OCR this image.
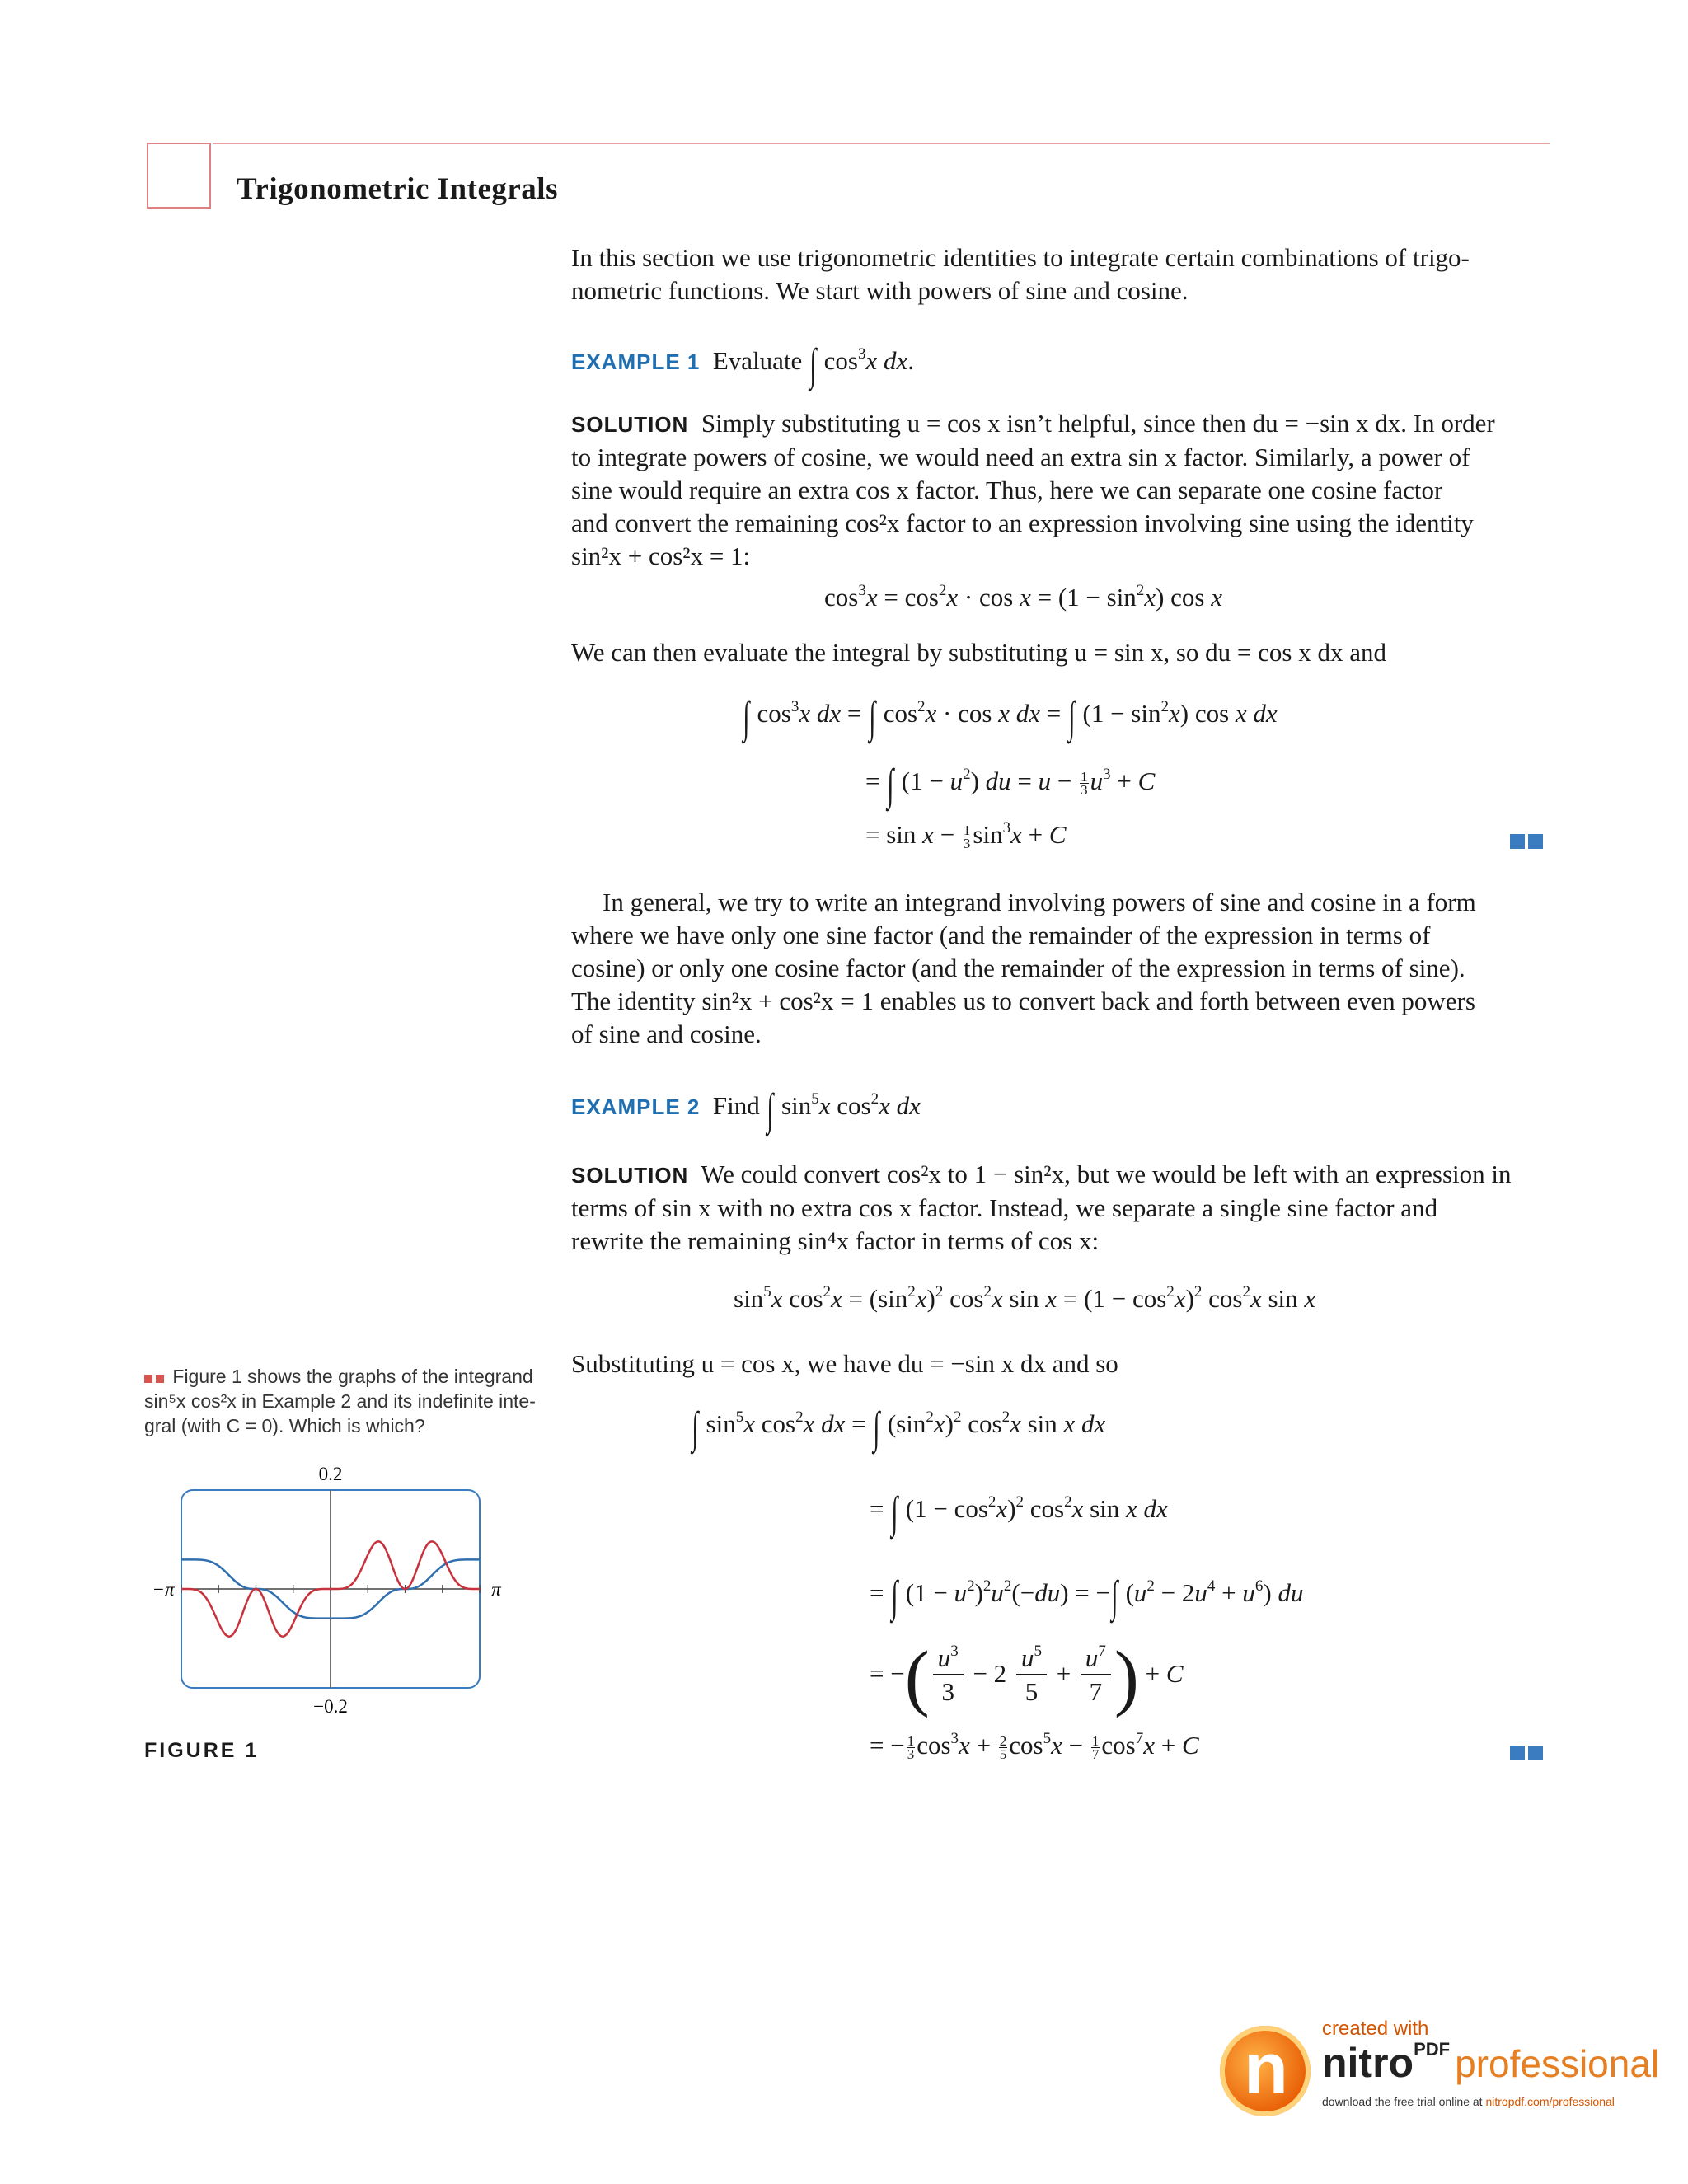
Trigonometric Integrals
In this section we use trigonometric identities to integrate certain combinations of trigo-
nometric functions. We start with powers of sine and cosine.
EXAMPLE 1 Evaluate ∫ $\cos^3x$ dx.
SOLUTION Simply substituting u = cos x isn’t helpful, since then du = −sin x dx. In order
to integrate powers of cosine, we would need an extra sin x factor. Similarly, a power of
sine would require an extra cos x factor. Thus, here we can separate one cosine factor
and convert the remaining cos²x factor to an expression involving sine using the identity
sin²x + cos²x = 1:
$\cos^3x = \cos^2x \cdot \cos x = (1 - \sin^2x)$ cos x
We can then evaluate the integral by substituting u = sin x, so du = cos x dx and
∫ $\cos^3x$ dx = ∫ $\cos^2x \cdot \cos x$ dx = ∫ $(1 - \sin^2x)$ cos x dx
= ∫ $(1 - u^2)$ du = $u - \frac{1}{3} u^3 + C$
= $\sin x - \frac{1}{3} \sin^3x + C$
In general, we try to write an integrand involving powers of sine and cosine in a form
where we have only one sine factor (and the remainder of the expression in terms of
cosine) or only one cosine factor (and the remainder of the expression in terms of sine).
The identity sin²x + cos²x = 1 enables us to convert back and forth between even powers
of sine and cosine.
EXAMPLE 2 Find ∫ $\sin^5x$ $\cos^2x$ dx
SOLUTION We could convert cos²x to 1 − sin²x, but we would be left with an expression in
terms of sin x with no extra cos x factor. Instead, we separate a single sine factor and
rewrite the remaining sin⁴x factor in terms of cos x:
$\sin^5x$ $\cos^2x = (\sin^2x)^2$ $\cos^2x$ $\sin x = (1 - \cos^2x)^2$ $\cos^2x$ sin x
Substituting u = cos x, we have du = −sin x dx and so
∫ $\sin^5x$ $\cos^2x$ dx = ∫ $(\sin^2x)^2$ $\cos^2x$ sin x dx
= ∫ $(1 - \cos^2x)^2$ $\cos^2x$ sin x dx
= ∫ $(1 - u^2)^2u^2(-du)$ = −∫ $(u^2 - 2u^4 + u^6)$ du
= −( $\frac{u^3}{3} - 2 \frac{u^5}{5} + \frac{u^7}{7}$ ) + C
= − $\frac{1}{3} \cos^3x + \frac{2}{5} \cos^5x - \frac{1}{7} \cos^7x + C$
Figure 1 shows the graphs of the integrand
sin⁵x cos²x in Example 2 and its indefinite inte-
gral (with C = 0). Which is which?
0.2
−0.2
−π	π
FIGURE 1
n created with
nitroPDF professional
download the free trial online at nitropdf.com/professional
